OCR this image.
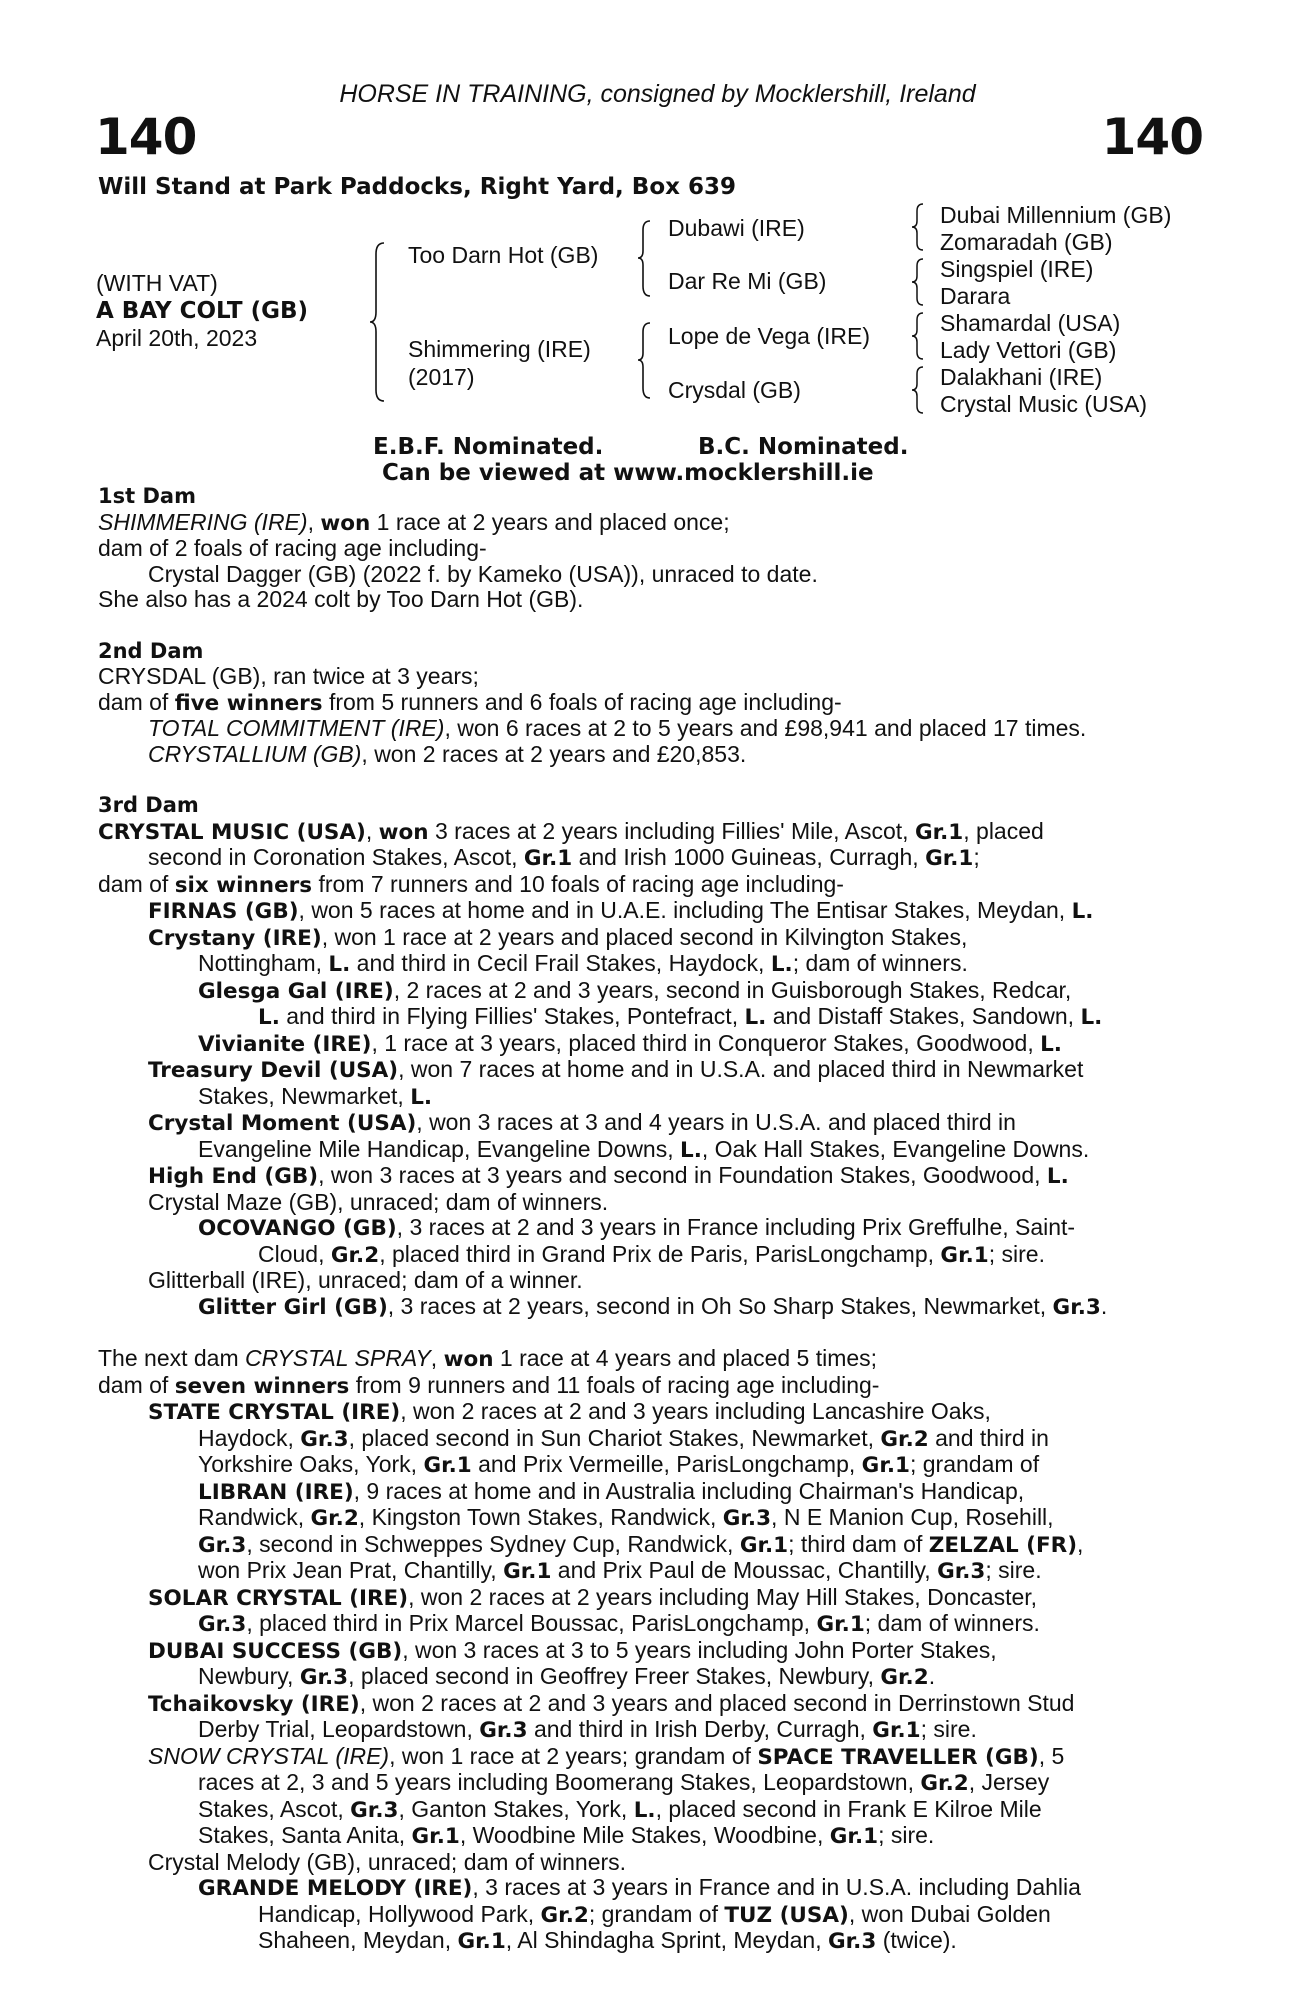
HORSE IN TRAINING, consigned by Mocklershill, Ireland
140	140
Will Stand at Park Paddocks, Right Yard, Box 639
(WITH VAT)
A BAY COLT (GB)
April 20th, 2023
Too Darn Hot (GB)
Shimmering (IRE)
(2017)
Dubawi (IRE)
Dar Re Mi (GB)
Lope de Vega (IRE)
Crysdal (GB)
Dubai Millennium (GB)
Zomaradah (GB)
Singspiel (IRE)
Darara
Shamardal (USA)
Lady Vettori (GB)
Dalakhani (IRE)
Crystal Music (USA)
E.B.F. Nominated.	B.C. Nominated.
Can be viewed at www.mocklershill.ie

1st Dam

SHIMMERING (IRE), won 1 race at 2 years and placed once;

dam of 2 foals of racing age including-

Crystal Dagger (GB) (2022 f. by Kameko (USA)), unraced to date.

She also has a 2024 colt by Too Darn Hot (GB).

2nd Dam

CRYSDAL (GB), ran twice at 3 years;

dam of five winners from 5 runners and 6 foals of racing age including-

TOTAL COMMITMENT (IRE), won 6 races at 2 to 5 years and £98,941 and placed 17 times.

CRYSTALLIUM (GB), won 2 races at 2 years and £20,853.

3rd Dam

CRYSTAL MUSIC (USA), won 3 races at 2 years including Fillies' Mile, Ascot, Gr.1, placed

second in Coronation Stakes, Ascot, Gr.1 and Irish 1000 Guineas, Curragh, Gr.1;

dam of six winners from 7 runners and 10 foals of racing age including-

FIRNAS (GB), won 5 races at home and in U.A.E. including The Entisar Stakes, Meydan, L.

Crystany (IRE), won 1 race at 2 years and placed second in Kilvington Stakes,

Nottingham, L. and third in Cecil Frail Stakes, Haydock, L.; dam of winners.

Glesga Gal (IRE), 2 races at 2 and 3 years, second in Guisborough Stakes, Redcar,

L. and third in Flying Fillies' Stakes, Pontefract, L. and Distaff Stakes, Sandown, L.

Vivianite (IRE), 1 race at 3 years, placed third in Conqueror Stakes, Goodwood, L.

Treasury Devil (USA), won 7 races at home and in U.S.A. and placed third in Newmarket

Stakes, Newmarket, L.

Crystal Moment (USA), won 3 races at 3 and 4 years in U.S.A. and placed third in

Evangeline Mile Handicap, Evangeline Downs, L., Oak Hall Stakes, Evangeline Downs.

High End (GB), won 3 races at 3 years and second in Foundation Stakes, Goodwood, L.

Crystal Maze (GB), unraced; dam of winners.

OCOVANGO (GB), 3 races at 2 and 3 years in France including Prix Greffulhe, Saint-

Cloud, Gr.2, placed third in Grand Prix de Paris, ParisLongchamp, Gr.1; sire.

Glitterball (IRE), unraced; dam of a winner.

Glitter Girl (GB), 3 races at 2 years, second in Oh So Sharp Stakes, Newmarket, Gr.3.

The next dam CRYSTAL SPRAY, won 1 race at 4 years and placed 5 times;

dam of seven winners from 9 runners and 11 foals of racing age including-

STATE CRYSTAL (IRE), won 2 races at 2 and 3 years including Lancashire Oaks,

Haydock, Gr.3, placed second in Sun Chariot Stakes, Newmarket, Gr.2 and third in

Yorkshire Oaks, York, Gr.1 and Prix Vermeille, ParisLongchamp, Gr.1; grandam of

LIBRAN (IRE), 9 races at home and in Australia including Chairman's Handicap,

Randwick, Gr.2, Kingston Town Stakes, Randwick, Gr.3, N E Manion Cup, Rosehill,

Gr.3, second in Schweppes Sydney Cup, Randwick, Gr.1; third dam of ZELZAL (FR),

won Prix Jean Prat, Chantilly, Gr.1 and Prix Paul de Moussac, Chantilly, Gr.3; sire.

SOLAR CRYSTAL (IRE), won 2 races at 2 years including May Hill Stakes, Doncaster,

Gr.3, placed third in Prix Marcel Boussac, ParisLongchamp, Gr.1; dam of winners.

DUBAI SUCCESS (GB), won 3 races at 3 to 5 years including John Porter Stakes,

Newbury, Gr.3, placed second in Geoffrey Freer Stakes, Newbury, Gr.2.

Tchaikovsky (IRE), won 2 races at 2 and 3 years and placed second in Derrinstown Stud

Derby Trial, Leopardstown, Gr.3 and third in Irish Derby, Curragh, Gr.1; sire.

SNOW CRYSTAL (IRE), won 1 race at 2 years; grandam of SPACE TRAVELLER (GB), 5

races at 2, 3 and 5 years including Boomerang Stakes, Leopardstown, Gr.2, Jersey

Stakes, Ascot, Gr.3, Ganton Stakes, York, L., placed second in Frank E Kilroe Mile

Stakes, Santa Anita, Gr.1, Woodbine Mile Stakes, Woodbine, Gr.1; sire.

Crystal Melody (GB), unraced; dam of winners.

GRANDE MELODY (IRE), 3 races at 3 years in France and in U.S.A. including Dahlia

Handicap, Hollywood Park, Gr.2; grandam of TUZ (USA), won Dubai Golden

Shaheen, Meydan, Gr.1, Al Shindagha Sprint, Meydan, Gr.3 (twice).
